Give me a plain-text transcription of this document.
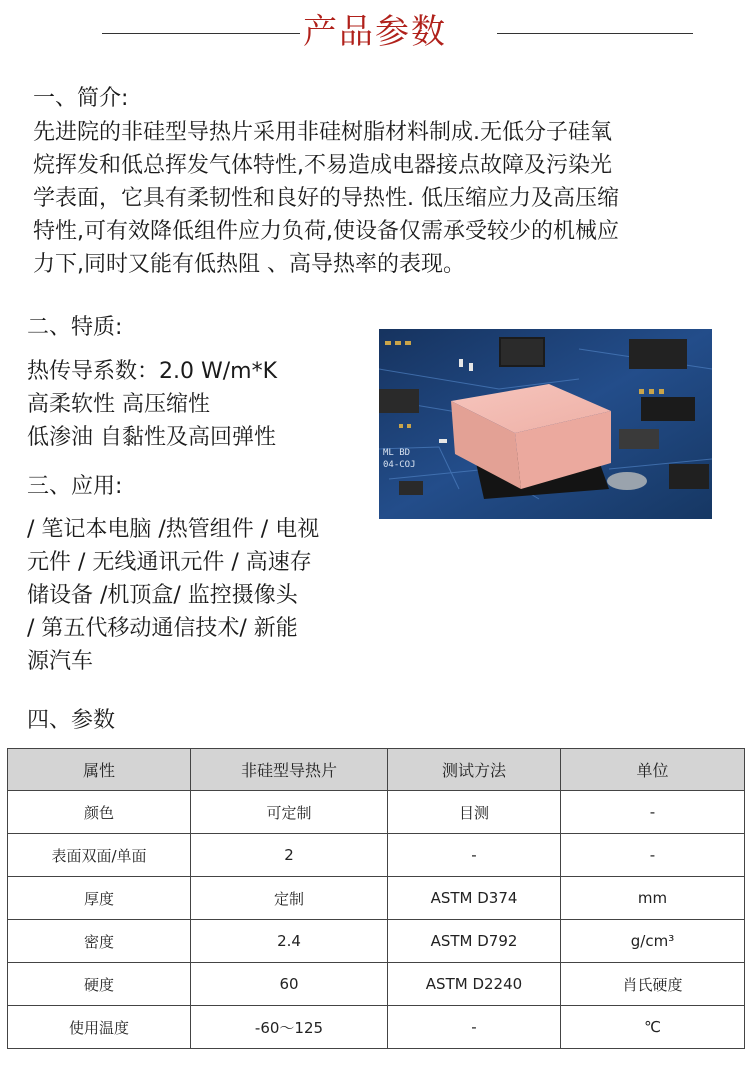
产品参数
一、简介:
先进院的非硅型导热片采用非硅树脂材料制成.无低分子硅氧
烷挥发和低总挥发气体特性,不易造成电器接点故障及污染光
学表面，它具有柔韧性和良好的导热性. 低压缩应力及高压缩
特性,可有效降低组件应力负荷,使设备仅需承受较少的机械应
力下,同时又能有低热阻 、高导热率的表现。
二、特质:
热传导系数：2.0 W/m*K
高柔软性 高压缩性
低渗油 自黏性及高回弹性
三、应用:
/ 笔记本电脑 /热管组件 / 电视
元件 / 无线通讯元件 / 高速存
储设备 /机顶盒/ 监控摄像头
/ 第五代移动通信技术/ 新能
源汽车
ML BD
04-COJ
四、参数
属性	非硅型导热片	测试方法	单位
颜色	可定制	目测	-
表面双面/单面	2	-	-
厚度	定制	ASTM D374	mm
密度	2.4	ASTM D792	g/cm³
硬度	60	ASTM D2240	肖氏硬度
使用温度	-60～125	-	℃
